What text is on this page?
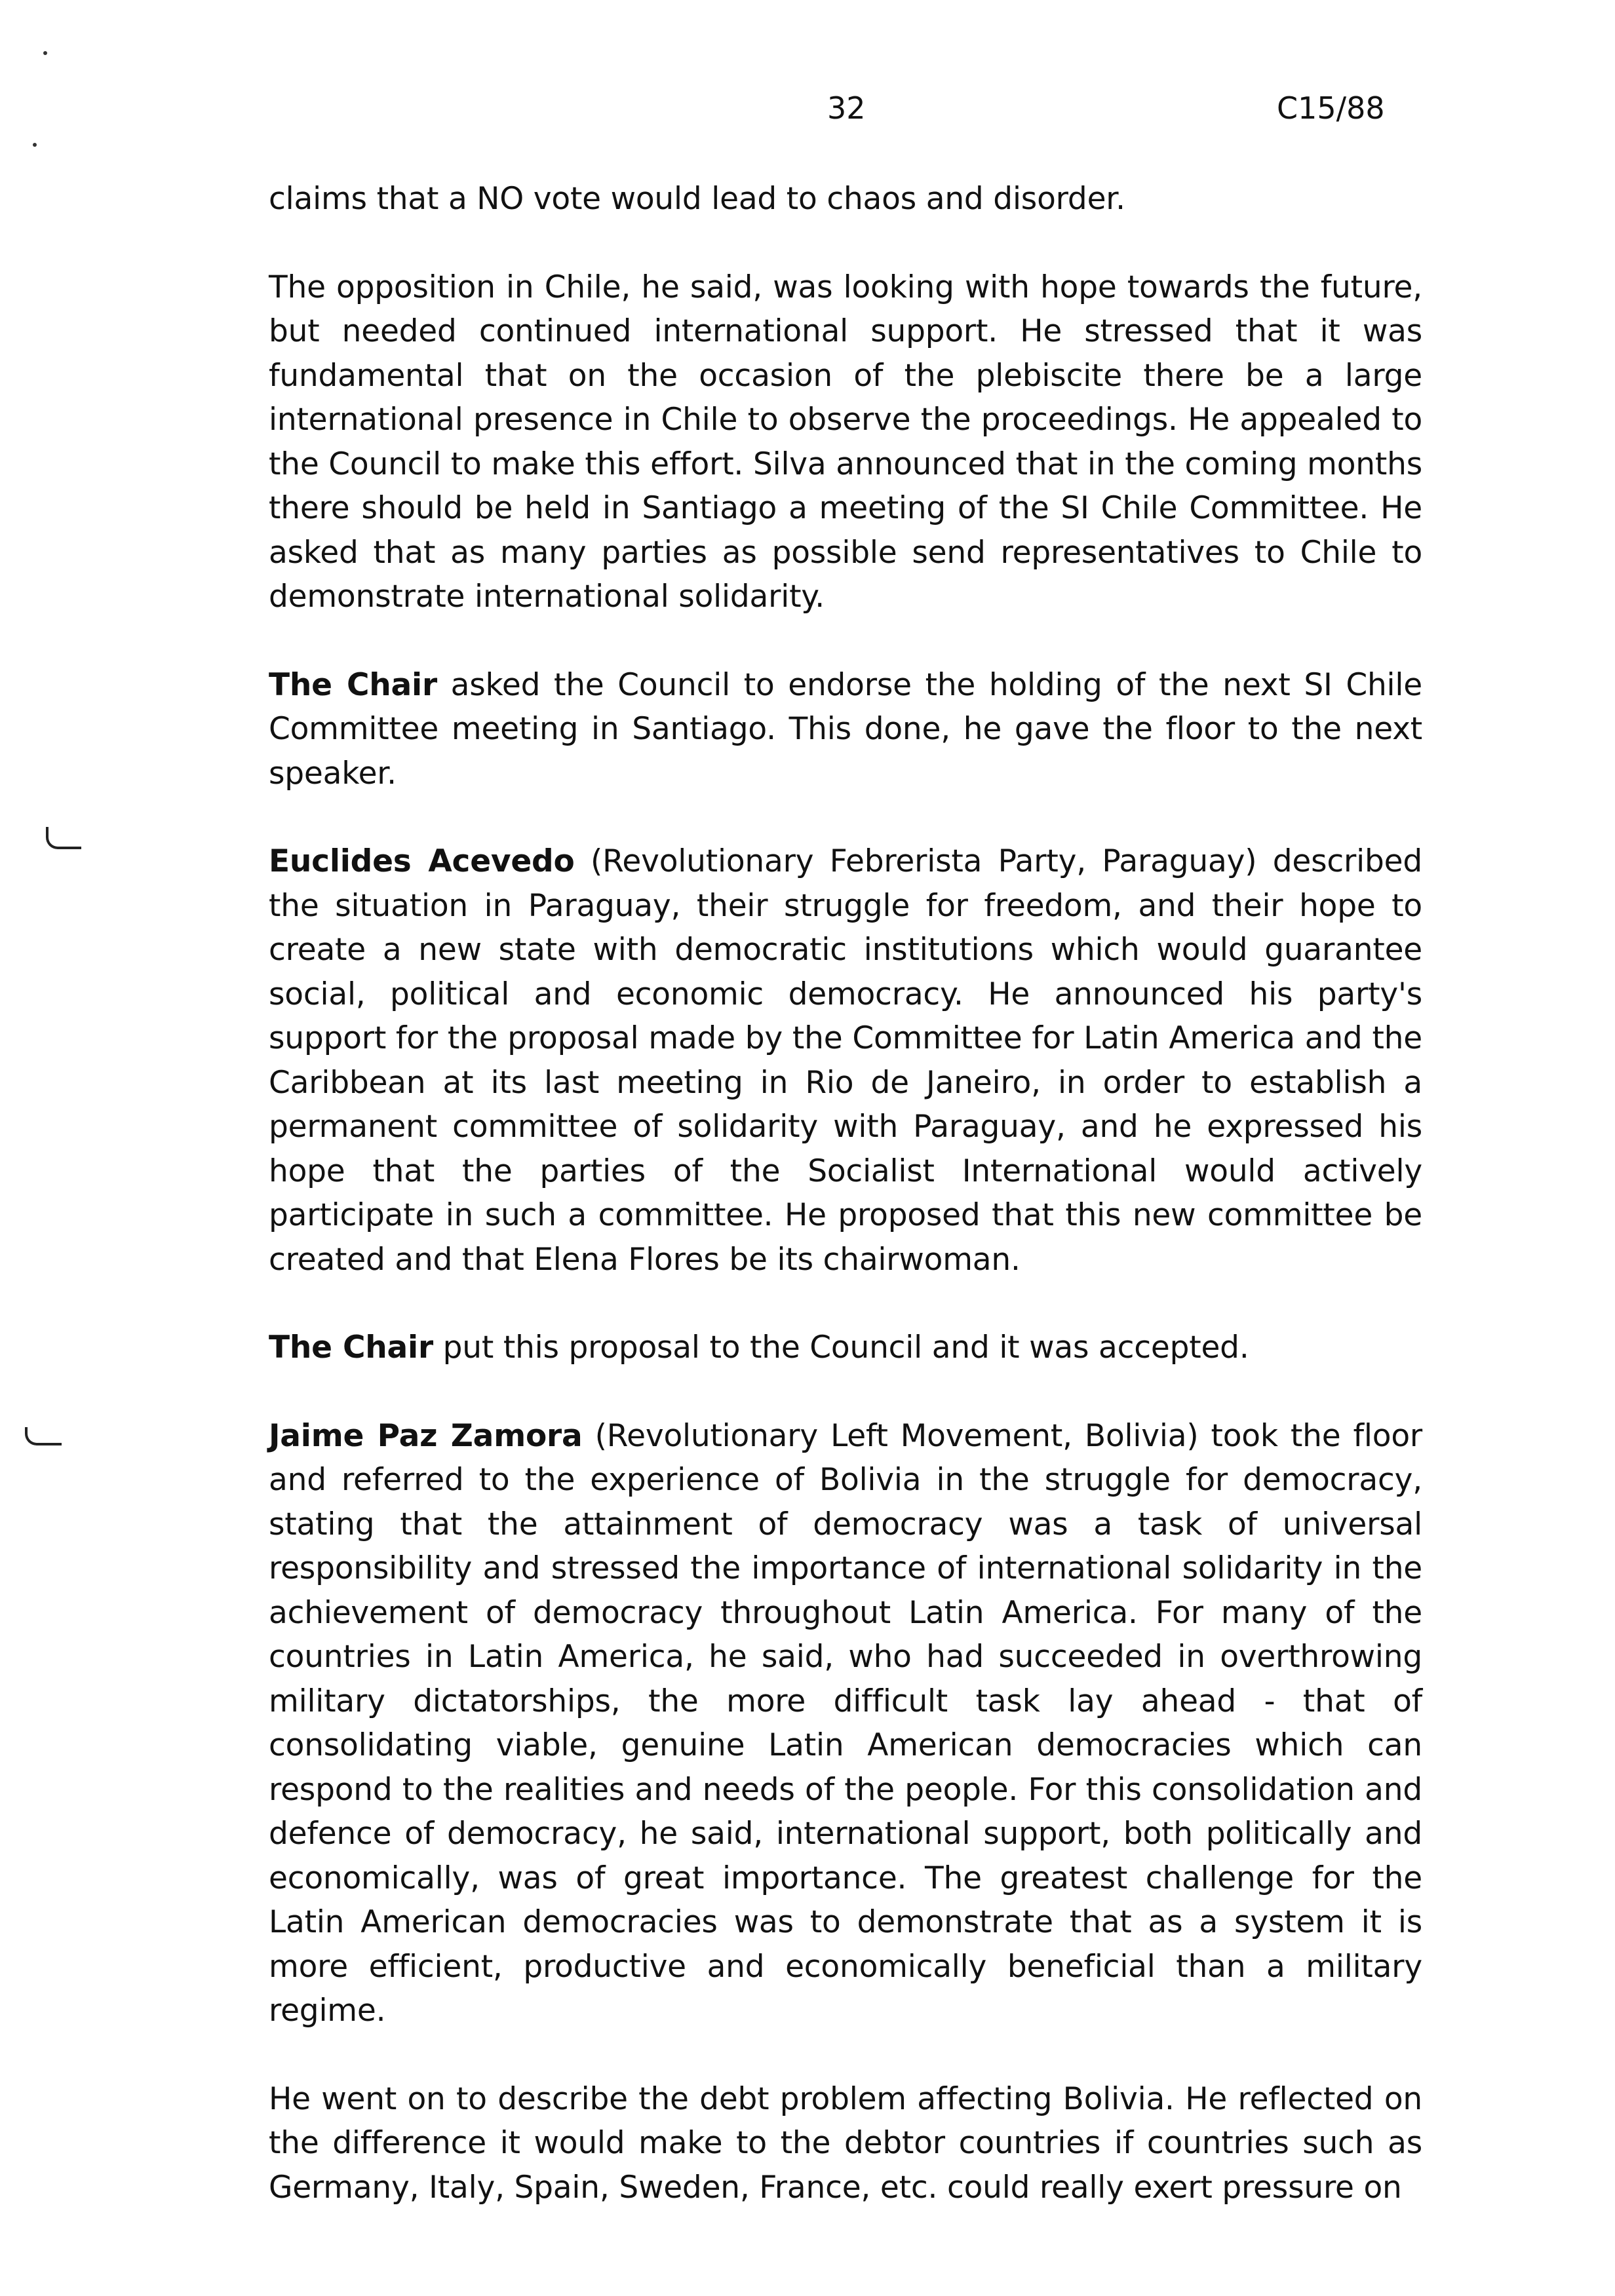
32	C15/88

claims that a NO vote would lead to chaos and disorder.

The opposition in Chile, he said, was looking with hope towards the future, but needed continued international support. He stressed that it was fundamental that on the occasion of the plebiscite there be a large international presence in Chile to observe the proceedings. He appealed to the Council to make this effort. Silva announced that in the coming months there should be held in Santiago a meeting of the SI Chile Committee. He asked that as many parties as possible send representatives to Chile to demonstrate international solidarity.

The Chair asked the Council to endorse the holding of the next SI Chile Committee meeting in Santiago. This done, he gave the floor to the next speaker.

Euclides Acevedo (Revolutionary Febrerista Party, Paraguay) described the situation in Paraguay, their struggle for freedom, and their hope to create a new state with democratic institutions which would guarantee social, political and economic democracy. He announced his party's support for the proposal made by the Committee for Latin America and the Caribbean at its last meeting in Rio de Janeiro, in order to establish a permanent committee of solidarity with Paraguay, and he expressed his hope that the parties of the Socialist International would actively participate in such a committee. He proposed that this new committee be created and that Elena Flores be its chairwoman.

The Chair put this proposal to the Council and it was accepted.

Jaime Paz Zamora (Revolutionary Left Movement, Bolivia) took the floor and referred to the experience of Bolivia in the struggle for democracy, stating that the attainment of democracy was a task of universal responsibility and stressed the importance of international solidarity in the achievement of democracy throughout Latin America. For many of the countries in Latin America, he said, who had succeeded in overthrowing military dictatorships, the more difficult task lay ahead - that of consolidating viable, genuine Latin American democracies which can respond to the realities and needs of the people. For this consolidation and defence of democracy, he said, international support, both politically and economically, was of great importance. The greatest challenge for the Latin American democracies was to demonstrate that as a system it is more efficient, productive and economically beneficial than a military regime.

He went on to describe the debt problem affecting Bolivia. He reflected on the difference it would make to the debtor countries if countries such as Germany, Italy, Spain, Sweden, France, etc. could really exert pressure on
